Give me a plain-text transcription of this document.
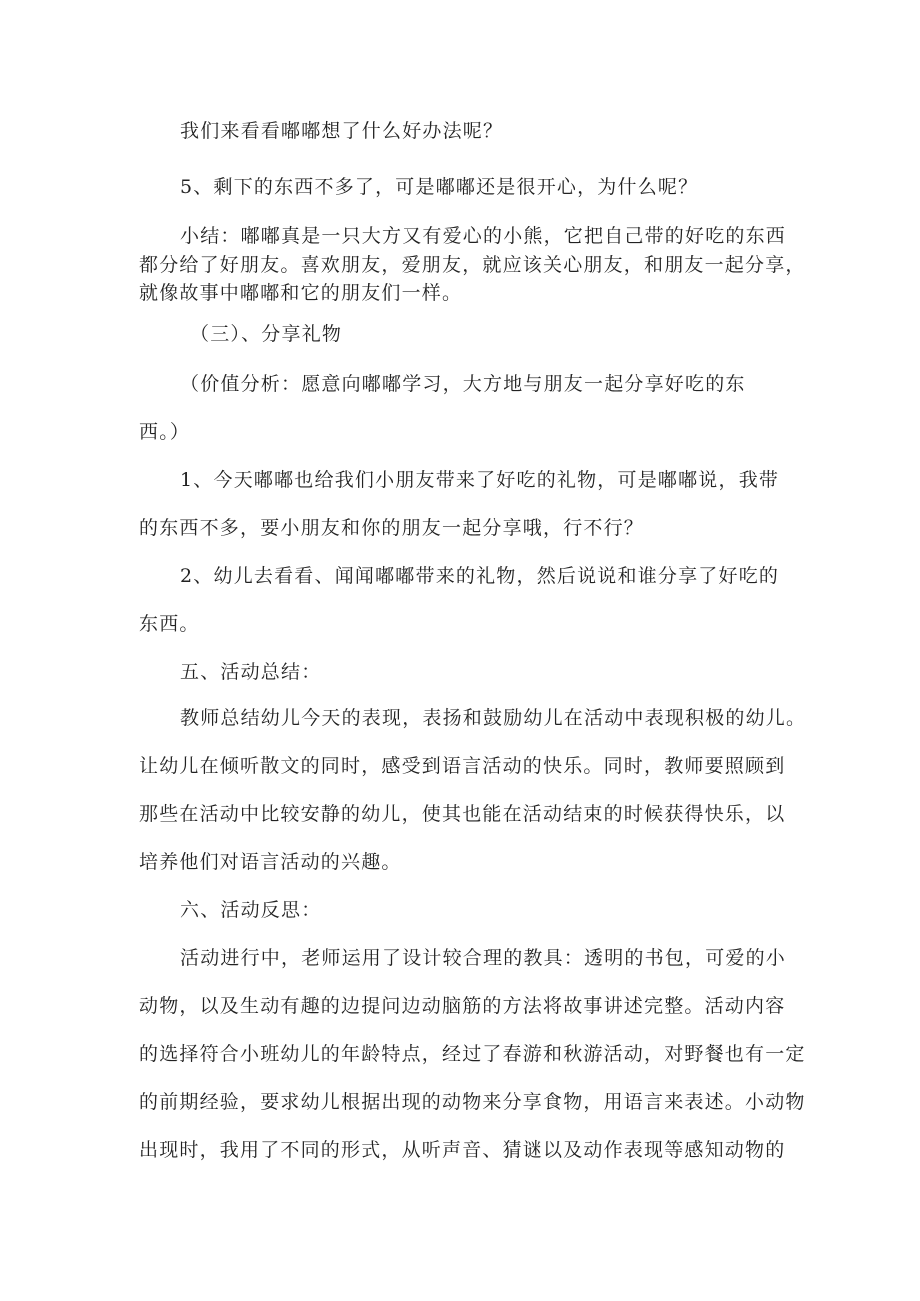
我们来看看嘟嘟想了什么好办法呢？
5、剩下的东西不多了，可是嘟嘟还是很开心，为什么呢？
小结：嘟嘟真是一只大方又有爱心的小熊，它把自己带的好吃的东西
都分给了好朋友。喜欢朋友，爱朋友，就应该关心朋友，和朋友一起分享，
就像故事中嘟嘟和它的朋友们一样。
（三）、分享礼物
（价值分析：愿意向嘟嘟学习，大方地与朋友一起分享好吃的东
西。）
1、今天嘟嘟也给我们小朋友带来了好吃的礼物，可是嘟嘟说，我带
的东西不多，要小朋友和你的朋友一起分享哦，行不行？
2、幼儿去看看、闻闻嘟嘟带来的礼物，然后说说和谁分享了好吃的
东西。
五、活动总结：
教师总结幼儿今天的表现，表扬和鼓励幼儿在活动中表现积极的幼儿。
让幼儿在倾听散文的同时，感受到语言活动的快乐。同时，教师要照顾到
那些在活动中比较安静的幼儿，使其也能在活动结束的时候获得快乐，以
培养他们对语言活动的兴趣。
六、活动反思：
活动进行中，老师运用了设计较合理的教具：透明的书包，可爱的小
动物，以及生动有趣的边提问边动脑筋的方法将故事讲述完整。活动内容
的选择符合小班幼儿的年龄特点，经过了春游和秋游活动，对野餐也有一定
的前期经验，要求幼儿根据出现的动物来分享食物，用语言来表述。小动物
出现时，我用了不同的形式，从听声音、猜谜以及动作表现等感知动物的
